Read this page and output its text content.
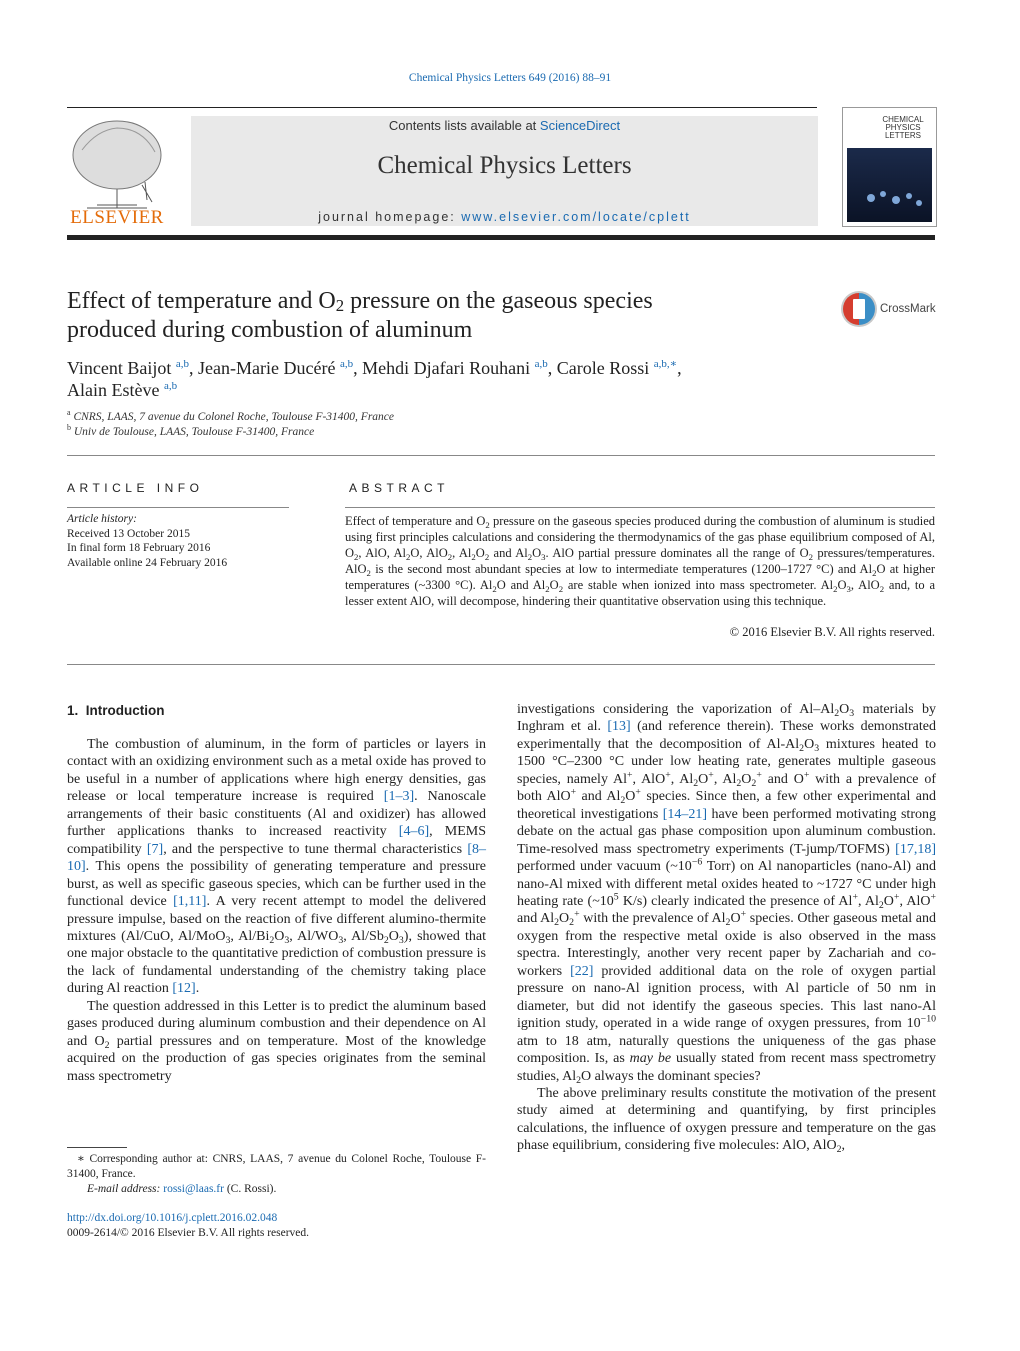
Chemical Physics Letters 649 (2016) 88–91
ELSEVIER
Contents lists available at ScienceDirect
Chemical Physics Letters
journal homepage: www.elsevier.com/locate/cplett
CHEMICAL
PHYSICS
LETTERS
Effect of temperature and $O_2$ pressure on the gaseous species
produced during combustion of aluminum
CrossMark
Vincent Baijot $^{a,b}$, Jean-Marie Ducéré $^{a,b}$, Mehdi Djafari Rouhani $^{a,b}$, Carole Rossi $^{a,b,∗}$,
Alain Estève $^{a,b}$
$^a$ CNRS, LAAS, 7 avenue du Colonel Roche, Toulouse F-31400, France
$^b$ Univ de Toulouse, LAAS, Toulouse F-31400, France
ARTICLE INFO
Article history:
Received 13 October 2015
In final form 18 February 2016
Available online 24 February 2016
ABSTRACT
Effect of temperature and $O_2$ pressure on the gaseous species produced during the combustion of aluminum is studied using first principles calculations and considering the thermodynamics of the gas phase equilibrium composed of Al, $O_2$, AlO, $Al_2O$, AlO$_2$, $Al_2O_2$ and $Al_2O_3$. AlO partial pressure dominates all the range of $O_2$ pressures/temperatures. AlO$_2$ is the second most abundant species at low to intermediate temperatures (1200–1727 °C) and $Al_2O$ at higher temperatures (~3300 °C). $Al_2O$ and $Al_2O_2$ are stable when ionized into mass spectrometer. $Al_2O_3$, AlO$_2$ and, to a lesser extent AlO, will decompose, hindering their quantitative observation using this technique.
© 2016 Elsevier B.V. All rights reserved.
1. Introduction

The combustion of aluminum, in the form of particles or layers in contact with an oxidizing environment such as a metal oxide has proved to be useful in a number of applications where high energy densities, gas release or local temperature increase is required [1–3]. Nanoscale arrangements of their basic constituents (Al and oxidizer) has allowed further applications thanks to increased reactivity [4–6], MEMS compatibility [7], and the perspective to tune thermal characteristics [8–10]. This opens the possibility of generating temperature and pressure burst, as well as specific gaseous species, which can be further used in the functional device [1,11]. A very recent attempt to model the delivered pressure impulse, based on the reaction of five different alumino-thermite mixtures (Al/CuO, Al/MoO$_3$, $Al/Bi_2O_3$, $Al/WO_3$, $Al/Sb_2O_3$), showed that one major obstacle to the quantitative prediction of combustion pressure is the lack of fundamental understanding of the chemistry taking place during Al reaction [12].

The question addressed in this Letter is to predict the aluminum based gases produced during aluminum combustion and their dependence on Al and $O_2$ partial pressures and on temperature. Most of the knowledge acquired on the production of gas species originates from the seminal mass spectrometry

∗ Corresponding author at: CNRS, LAAS, 7 avenue du Colonel Roche, Toulouse F-31400, France.
E-mail address: rossi@laas.fr (C. Rossi).
http://dx.doi.org/10.1016/j.cplett.2016.02.048
0009-2614/© 2016 Elsevier B.V. All rights reserved.

investigations considering the vaporization of $Al-Al_2O_3$ materials by Inghram et al. [13] (and reference therein). These works demonstrated experimentally that the decomposition of $Al-Al_2O_3$ mixtures heated to 1500 °C–2300 °C under low heating rate, generates multiple gaseous species, namely Al+, AlO+, $Al_2O^+$, $Al_2O_2^+$ and O+ with a prevalence of both AlO+ and $Al_2O^+$ species. Since then, a few other experimental and theoretical investigations [14–21] have been performed motivating strong debate on the actual gas phase composition upon aluminum combustion. Time-resolved mass spectrometry experiments (T-jump/TOFMS) [17,18] performed under vacuum ($\sim 10^{-6}$ Torr) on Al nanoparticles (nano-Al) and nano-Al mixed with different metal oxides heated to ~1727 °C under high heating rate ($\sim 10^5$ K/s) clearly indicated the presence of Al+, $Al_2O^+$, AlO+ and $Al_2O_2^+$ with the prevalence of $Al_2O^+$ species. Other gaseous metal and oxygen from the respective metal oxide is also observed in the mass spectra. Interestingly, another very recent paper by Zachariah and co-workers [22] provided additional data on the role of oxygen partial pressure on nano-Al ignition process, with Al particle of 50 nm in diameter, but did not identify the gaseous species. This last nano-Al ignition study, operated in a wide range of oxygen pressures, from $10^{-10}$ atm to 18 atm, naturally questions the uniqueness of the gas phase composition. Is, as may be usually stated from recent mass spectrometry studies, $Al_2O$ always the dominant species?

The above preliminary results constitute the motivation of the present study aimed at determining and quantifying, by first principles calculations, the influence of oxygen pressure and temperature on the gas phase equilibrium, considering five molecules: AlO, AlO$_2$,
